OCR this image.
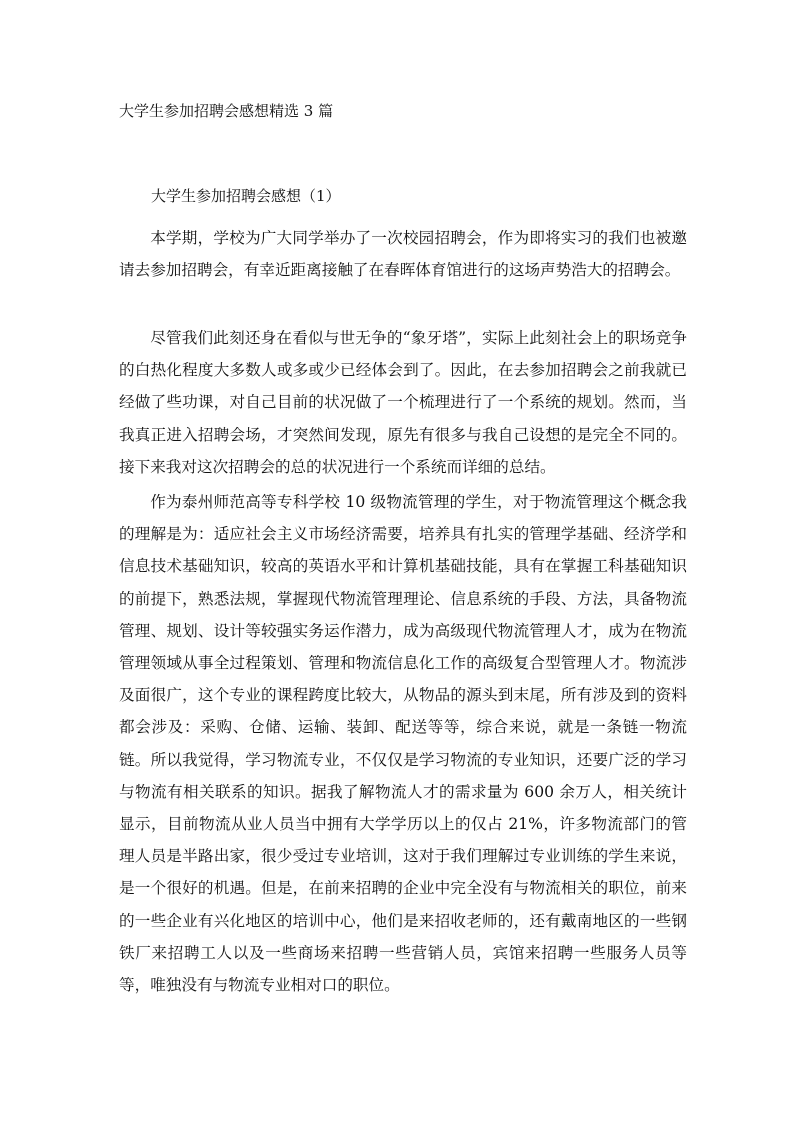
大学生参加招聘会感想精选 3 篇
大学生参加招聘会感想（1）

本学期，学校为广大同学举办了一次校园招聘会，作为即将实习的我们也被邀请去参加招聘会，有幸近距离接触了在春晖体育馆进行的这场声势浩大的招聘会。

尽管我们此刻还身在看似与世无争的“象牙塔”，实际上此刻社会上的职场竞争的白热化程度大多数人或多或少已经体会到了。因此，在去参加招聘会之前我就已经做了些功课，对自己目前的状况做了一个梳理进行了一个系统的规划。然而，当我真正进入招聘会场，才突然间发现，原先有很多与我自己设想的是完全不同的。接下来我对这次招聘会的总的状况进行一个系统而详细的总结。

作为泰州师范高等专科学校 10 级物流管理的学生，对于物流管理这个概念我的理解是为：适应社会主义市场经济需要，培养具有扎实的管理学基础、经济学和信息技术基础知识，较高的英语水平和计算机基础技能，具有在掌握工科基础知识的前提下，熟悉法规，掌握现代物流管理理论、信息系统的手段、方法，具备物流管理、规划、设计等较强实务运作潜力，成为高级现代物流管理人才，成为在物流管理领域从事全过程策划、管理和物流信息化工作的高级复合型管理人才。物流涉及面很广，这个专业的课程跨度比较大，从物品的源头到末尾，所有涉及到的资料都会涉及：采购、仓储、运输、装卸、配送等等，综合来说，就是一条链一物流链。所以我觉得，学习物流专业，不仅仅是学习物流的专业知识，还要广泛的学习与物流有相关联系的知识。据我了解物流人才的需求量为 600 余万人，相关统计显示，目前物流从业人员当中拥有大学学历以上的仅占 21%，许多物流部门的管理人员是半路出家，很少受过专业培训，这对于我们理解过专业训练的学生来说，是一个很好的机遇。但是，在前来招聘的企业中完全没有与物流相关的职位，前来的一些企业有兴化地区的培训中心，他们是来招收老师的，还有戴南地区的一些钢铁厂来招聘工人以及一些商场来招聘一些营销人员，宾馆来招聘一些服务人员等等，唯独没有与物流专业相对口的职位。
